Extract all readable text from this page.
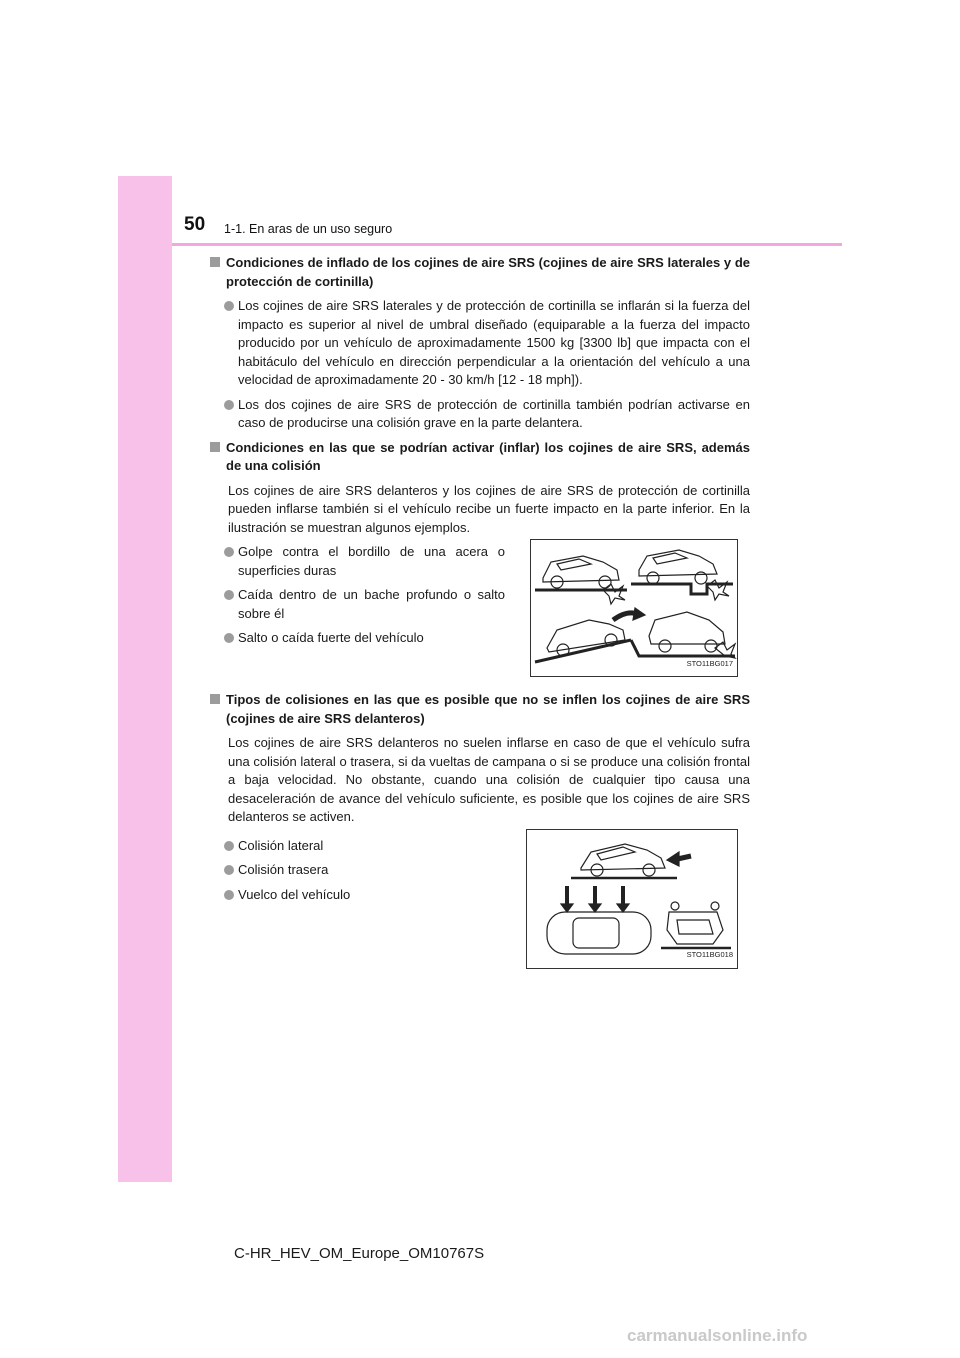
50 1-1. En aras de un uso seguro
Condiciones de inflado de los cojines de aire SRS (cojines de aire SRS laterales y de protección de cortinilla)
Los cojines de aire SRS laterales y de protección de cortinilla se inflarán si la fuerza del impacto es superior al nivel de umbral diseñado (equiparable a la fuerza del impacto producido por un vehículo de aproximadamente 1500 kg [3300 lb] que impacta con el habitáculo del vehículo en dirección perpendicular a la orientación del vehículo a una velocidad de aproximadamente 20 - 30 km/h [12 - 18 mph]).
Los dos cojines de aire SRS de protección de cortinilla también podrían activarse en caso de producirse una colisión grave en la parte delantera.
Condiciones en las que se podrían activar (inflar) los cojines de aire SRS, además de una colisión
Los cojines de aire SRS delanteros y los cojines de aire SRS de protección de cortinilla pueden inflarse también si el vehículo recibe un fuerte impacto en la parte inferior. En la ilustración se muestran algunos ejemplos.
Golpe contra el bordillo de una acera o superficies duras
Caída dentro de un bache profundo o salto sobre él
Salto o caída fuerte del vehículo
STO11BG017
Tipos de colisiones en las que es posible que no se inflen los cojines de aire SRS (cojines de aire SRS delanteros)
Los cojines de aire SRS delanteros no suelen inflarse en caso de que el vehículo sufra una colisión lateral o trasera, si da vueltas de campana o si se produce una colisión frontal a baja velocidad. No obstante, cuando una colisión de cualquier tipo causa una desaceleración de avance del vehículo suficiente, es posible que los cojines de aire SRS delanteros se activen.
Colisión lateral
Colisión trasera
Vuelco del vehículo
STO11BG018
C-HR_HEV_OM_Europe_OM10767S
carmanualsonline.info
